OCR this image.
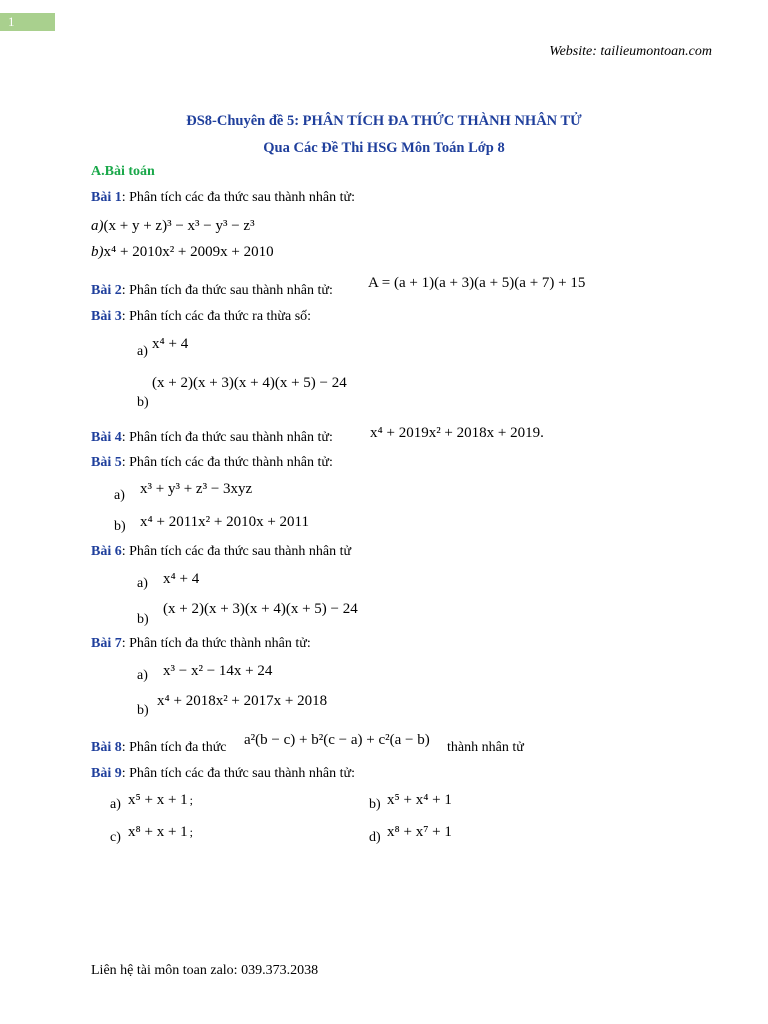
1
Website: tailieumontoan.com
ĐS8-Chuyên đề 5: PHÂN TÍCH ĐA THỨC THÀNH NHÂN TỬ
Qua Các Đề Thi HSG Môn Toán Lớp 8
A.Bài toán
Bài 1: Phân tích các đa thức sau thành nhân tử:
a)(x + y + z)³ − x³ − y³ − z³
b)x⁴ + 2010x² + 2009x + 2010
Bài 2: Phân tích đa thức sau thành nhân tử: A = (a + 1)(a + 3)(a + 5)(a + 7) + 15
Bài 3: Phân tích các đa thức ra thừa số:
a) x⁴ + 4
(x + 2)(x + 3)(x + 4)(x + 5) − 24
b)
Bài 4: Phân tích đa thức sau thành nhân tử: x⁴ + 2019x² + 2018x + 2019.
Bài 5: Phân tích các đa thức thành nhân tử:
a) x³ + y³ + z³ − 3xyz
b) x⁴ + 2011x² + 2010x + 2011
Bài 6: Phân tích các đa thức sau thành nhân tử
a) x⁴ + 4
b)
(x + 2)(x + 3)(x + 4)(x + 5) − 24
Bài 7: Phân tích đa thức thành nhân tử:
a) x³ − x² − 14x + 24
b)
x⁴ + 2018x² + 2017x + 2018
Bài 8: Phân tích đa thức a²(b − c) + b²(c − a) + c²(a − b) thành nhân tử
Bài 9: Phân tích các đa thức sau thành nhân tử:
a) x⁵ + x + 1 ;	b) x⁵ + x⁴ + 1
c) x⁸ + x + 1 ;	d) x⁸ + x⁷ + 1
Liên hệ tài môn toan zalo: 039.373.2038
